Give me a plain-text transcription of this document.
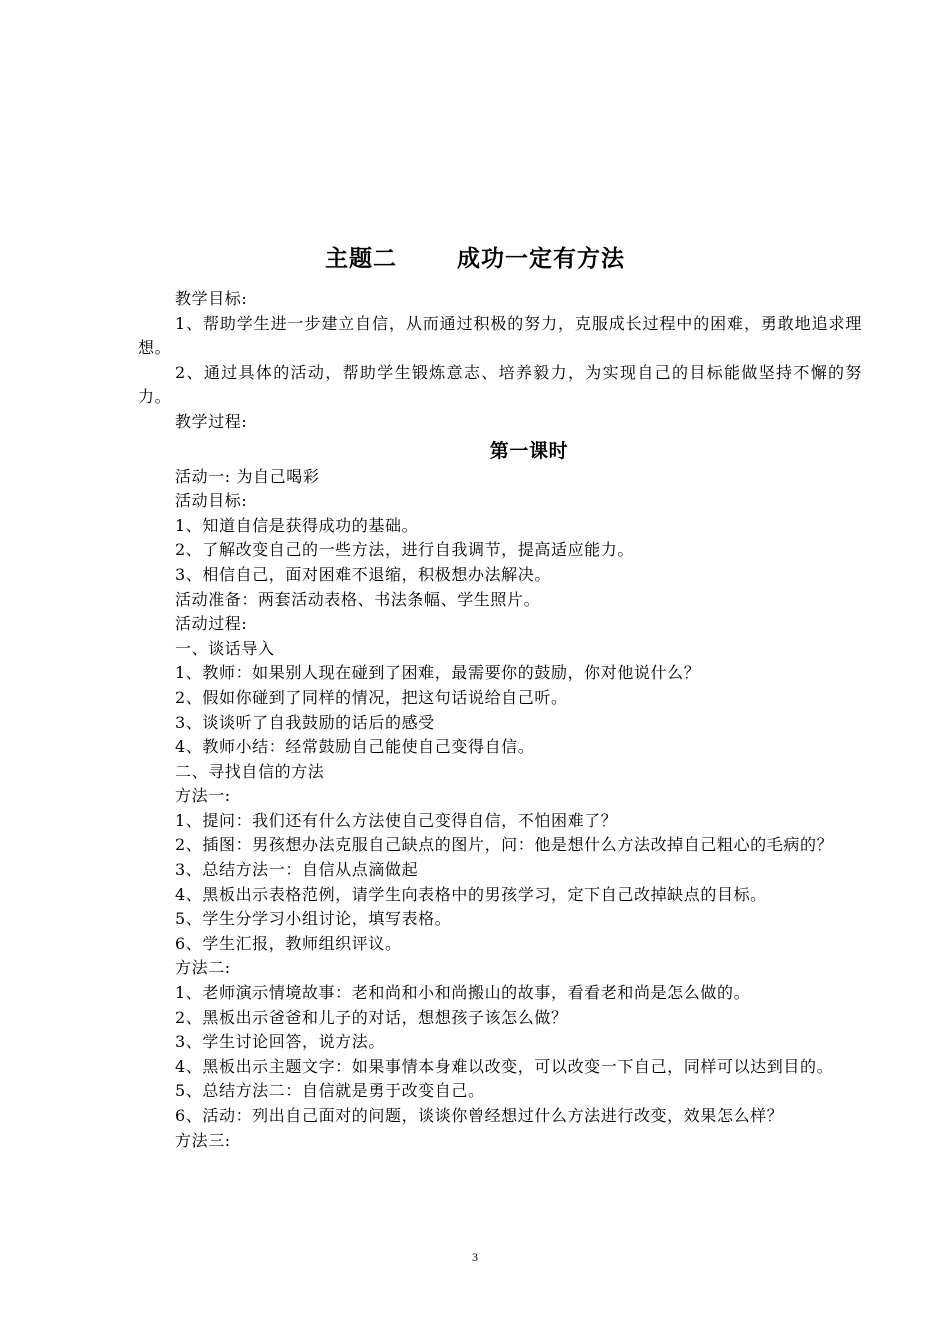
主题二	成功一定有方法

教学目标:

1、帮助学生进一步建立自信，从而通过积极的努力，克服成长过程中的困难，勇敢地追求理想。

2、通过具体的活动，帮助学生锻炼意志、培养毅力，为实现自己的目标能做坚持不懈的努力。

教学过程:

第一课时

活动一: 为自己喝彩

活动目标:

1、知道自信是获得成功的基础。

2、了解改变自己的一些方法，进行自我调节，提高适应能力。

3、相信自己，面对困难不退缩，积极想办法解决。

活动准备：两套活动表格、书法条幅、学生照片。

活动过程:

一、谈话导入

1、教师：如果别人现在碰到了困难，最需要你的鼓励，你对他说什么？

2、假如你碰到了同样的情况，把这句话说给自己听。

3、谈谈听了自我鼓励的话后的感受

4、教师小结：经常鼓励自己能使自己变得自信。

二、寻找自信的方法

方法一:

1、提问：我们还有什么方法使自己变得自信，不怕困难了？

2、插图：男孩想办法克服自己缺点的图片，问：他是想什么方法改掉自己粗心的毛病的？

3、总结方法一：自信从点滴做起

4、黑板出示表格范例，请学生向表格中的男孩学习，定下自己改掉缺点的目标。

5、学生分学习小组讨论，填写表格。

6、学生汇报，教师组织评议。

方法二:

1、老师演示情境故事：老和尚和小和尚搬山的故事，看看老和尚是怎么做的。

2、黑板出示爸爸和儿子的对话，想想孩子该怎么做？

3、学生讨论回答，说方法。

4、黑板出示主题文字：如果事情本身难以改变，可以改变一下自己，同样可以达到目的。

5、总结方法二：自信就是勇于改变自己。

6、活动：列出自己面对的问题，谈谈你曾经想过什么方法进行改变，效果怎么样？

方法三:

3
